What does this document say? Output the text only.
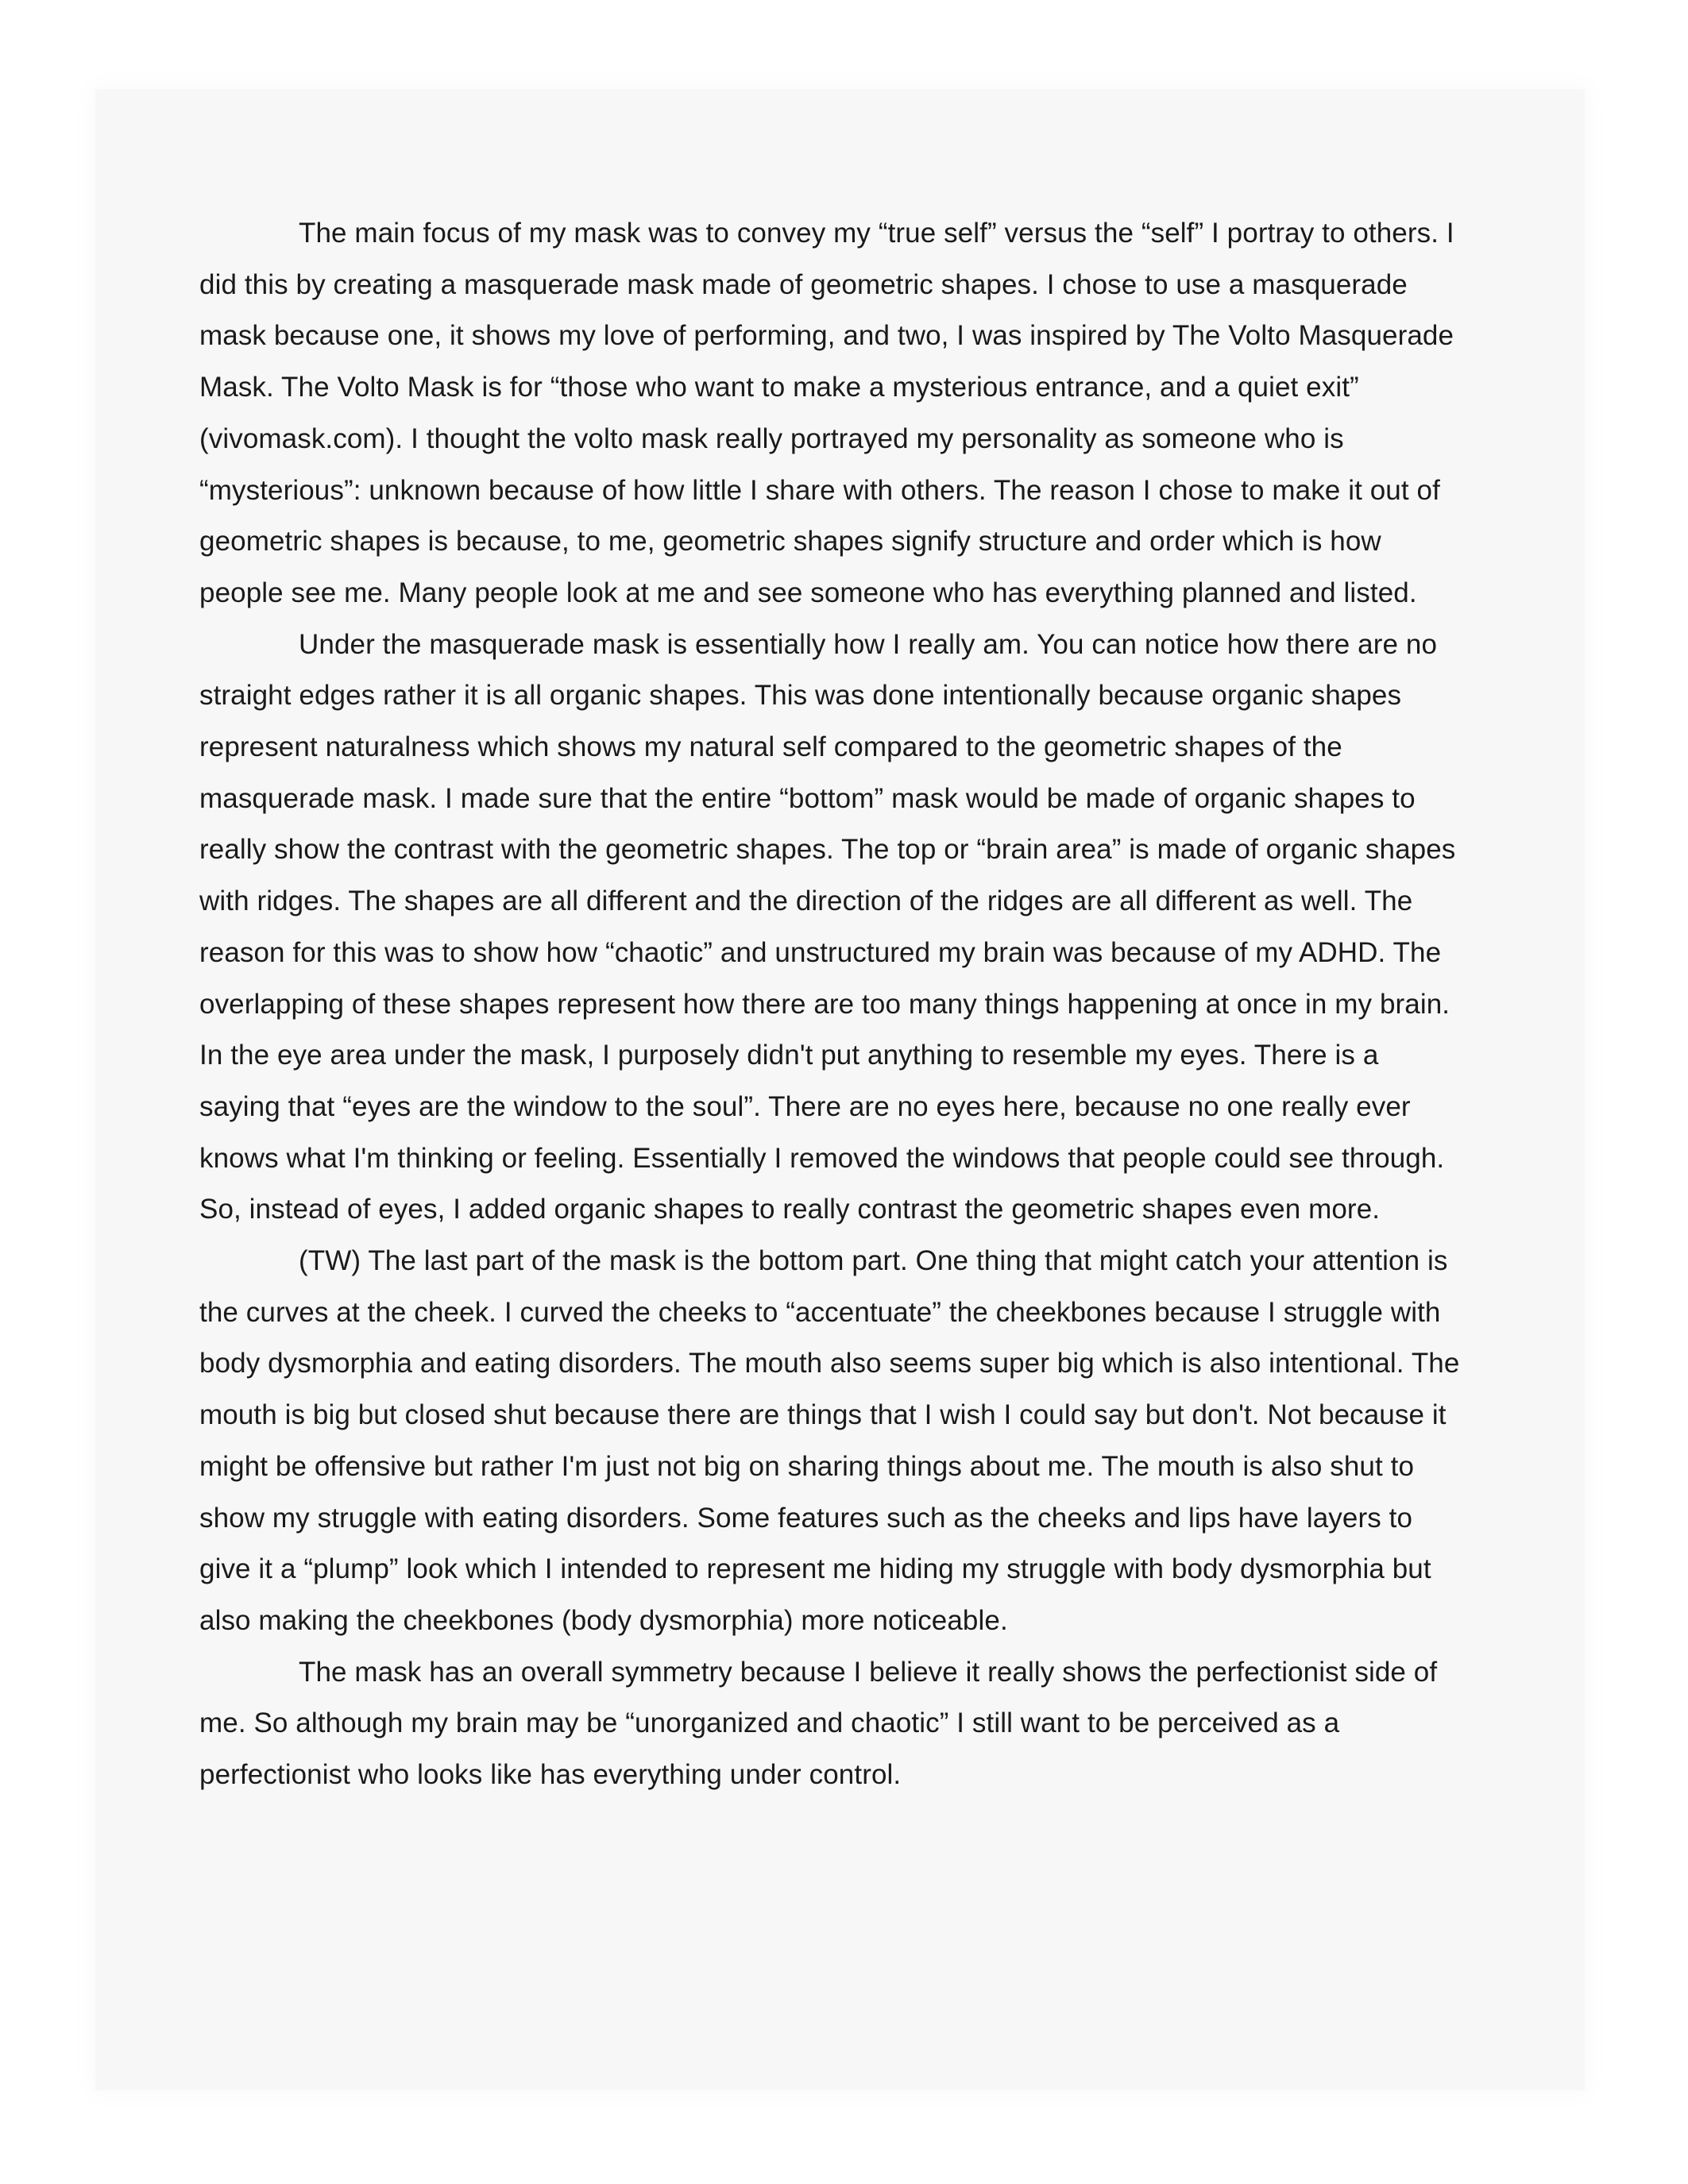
The main focus of my mask was to convey my “true self” versus the “self” I portray to others. I did this by creating a masquerade mask made of geometric shapes. I chose to use a masquerade mask because one, it shows my love of performing, and two, I was inspired by The Volto Masquerade Mask. The Volto Mask is for “those who want to make a mysterious entrance, and a quiet exit” (vivomask.com). I thought the volto mask really portrayed my personality as someone who is “mysterious”: unknown because of how little I share with others. The reason I chose to make it out of geometric shapes is because, to me, geometric shapes signify structure and order which is how people see me. Many people look at me and see someone who has everything planned and listed.

Under the masquerade mask is essentially how I really am. You can notice how there are no straight edges rather it is all organic shapes. This was done intentionally because organic shapes represent naturalness which shows my natural self compared to the geometric shapes of the masquerade mask. I made sure that the entire “bottom” mask would be made of organic shapes to really show the contrast with the geometric shapes. The top or “brain area” is made of organic shapes with ridges. The shapes are all different and the direction of the ridges are all different as well. The reason for this was to show how “chaotic” and unstructured my brain was because of my ADHD. The overlapping of these shapes represent how there are too many things happening at once in my brain. In the eye area under the mask, I purposely didn't put anything to resemble my eyes. There is a saying that “eyes are the window to the soul”. There are no eyes here, because no one really ever knows what I'm thinking or feeling. Essentially I removed the windows that people could see through. So, instead of eyes, I added organic shapes to really contrast the geometric shapes even more.

(TW) The last part of the mask is the bottom part. One thing that might catch your attention is the curves at the cheek. I curved the cheeks to “accentuate” the cheekbones because I struggle with body dysmorphia and eating disorders. The mouth also seems super big which is also intentional. The mouth is big but closed shut because there are things that I wish I could say but don't. Not because it might be offensive but rather I'm just not big on sharing things about me. The mouth is also shut to show my struggle with eating disorders. Some features such as the cheeks and lips have layers to give it a “plump” look which I intended to represent me hiding my struggle with body dysmorphia but also making the cheekbones (body dysmorphia) more noticeable.

The mask has an overall symmetry because I believe it really shows the perfectionist side of me. So although my brain may be “unorganized and chaotic” I still want to be perceived as a perfectionist who looks like has everything under control.
